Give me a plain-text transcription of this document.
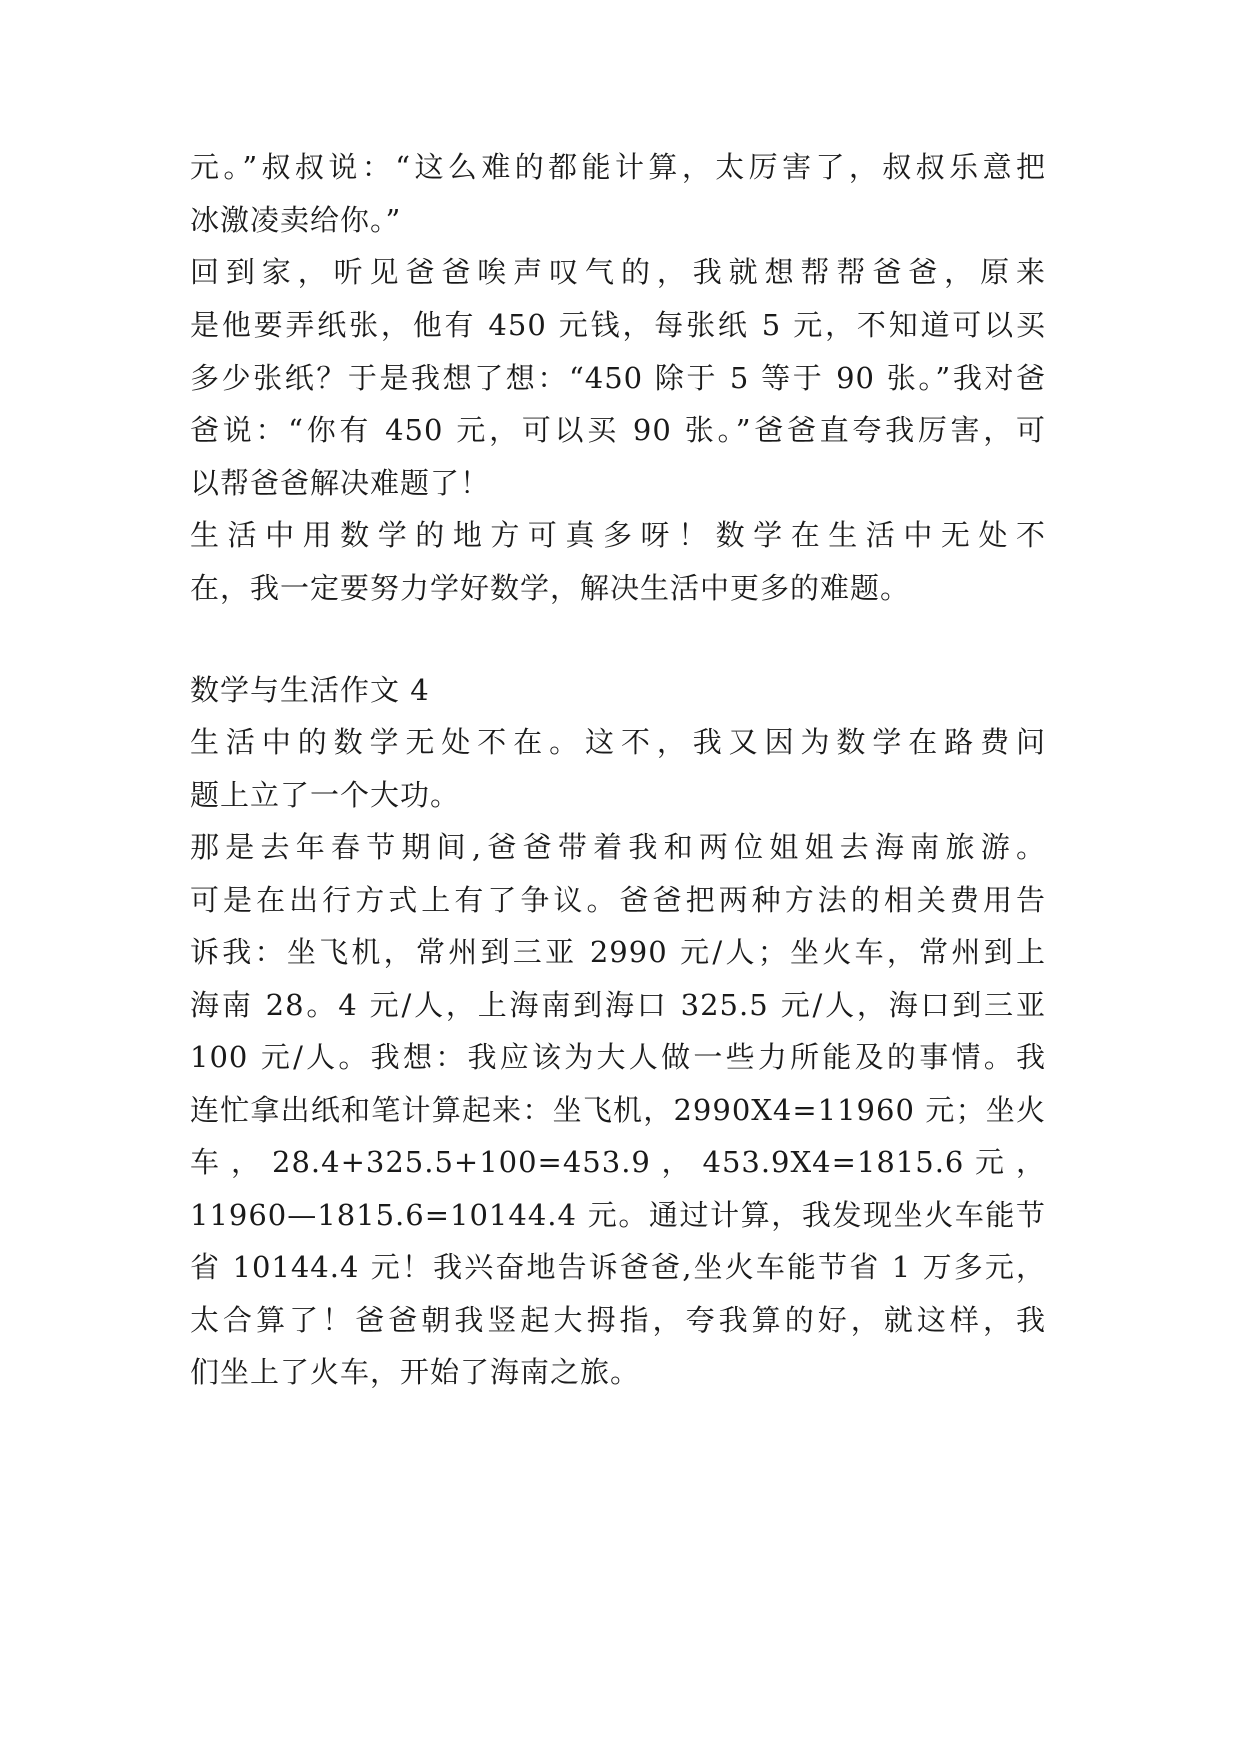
元。”叔叔说：“这么难的都能计算，太厉害了，叔叔乐意把

冰激凌卖给你。”

回到家，听见爸爸唉声叹气的，我就想帮帮爸爸，原来

是他要弄纸张，他有 450 元钱，每张纸 5 元，不知道可以买

多少张纸？于是我想了想：“450 除于 5 等于 90 张。”我对爸

爸说：“你有 450 元，可以买 90 张。”爸爸直夸我厉害，可

以帮爸爸解决难题了！

生活中用数学的地方可真多呀！数学在生活中无处不

在，我一定要努力学好数学，解决生活中更多的难题。

数学与生活作文 4

生活中的数学无处不在。这不，我又因为数学在路费问

题上立了一个大功。

那是去年春节期间,爸爸带着我和两位姐姐去海南旅游。

可是在出行方式上有了争议。爸爸把两种方法的相关费用告

诉我：坐飞机，常州到三亚 2990 元/人；坐火车，常州到上

海南 28。4 元/人，上海南到海口 325.5 元/人，海口到三亚

100 元/人。我想：我应该为大人做一些力所能及的事情。我

连忙拿出纸和笔计算起来：坐飞机，2990X4=11960 元；坐火

车 ， 28.4+325.5+100=453.9 ， 453.9X4=1815.6 元 ，

11960—1815.6=10144.4 元。通过计算，我发现坐火车能节

省 10144.4 元！我兴奋地告诉爸爸,坐火车能节省 1 万多元，

太合算了！爸爸朝我竖起大拇指，夸我算的好，就这样，我

们坐上了火车，开始了海南之旅。
